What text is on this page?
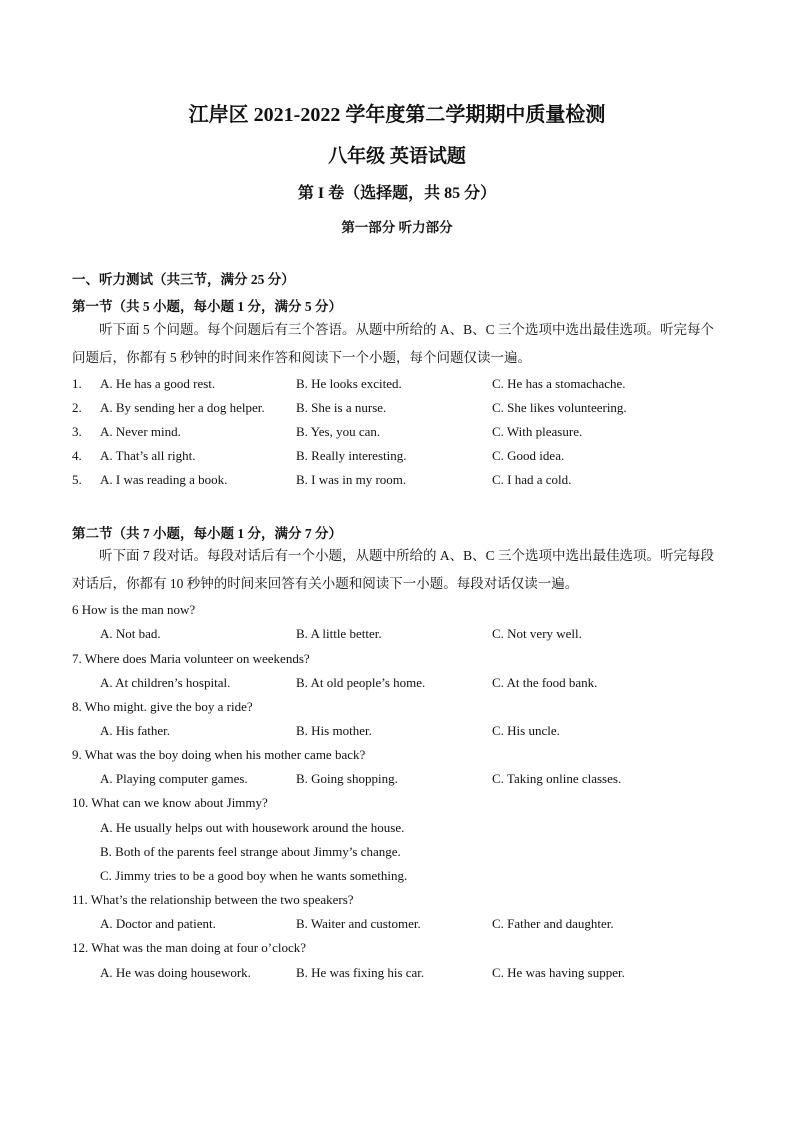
江岸区 2021-2022 学年度第二学期期中质量检测
八年级 英语试题
第 I 卷（选择题，共 85 分）
第一部分 听力部分
一、听力测试（共三节，满分 25 分）
第一节（共 5 小题，每小题 1 分，满分 5 分）
听下面 5 个问题。每个问题后有三个答语。从题中所给的 A、B、C 三个选项中选出最佳选项。听完每个问题后，你都有 5 秒钟的时间来作答和阅读下一个小题，每个问题仅读一遍。
1. A. He has a good rest.	B. He looks excited.	C. He has a stomachache.
2. A. By sending her a dog helper. B. She is a nurse.	C. She likes volunteering.
3. A. Never mind.	B. Yes, you can.	C. With pleasure.
4. A. That’s all right.	B. Really interesting.	C. Good idea.
5. A. I was reading a book.	B. I was in my room.	C. I had a cold.
第二节（共 7 小题，每小题 1 分，满分 7 分）
听下面 7 段对话。每段对话后有一个小题，从题中所给的 A、B、C 三个选项中选出最佳选项。听完每段对话后，你都有 10 秒钟的时间来回答有关小题和阅读下一小题。每段对话仅读一遍。
6 How is the man now?
A. Not bad.	B. A little better.	C. Not very well.
7. Where does Maria volunteer on weekends?
A. At children’s hospital.	B. At old people’s home.	C. At the food bank.
8. Who might. give the boy a ride?
A. His father.	B. His mother.	C. His uncle.
9. What was the boy doing when his mother came back?
A. Playing computer games.	B. Going shopping.	C. Taking online classes.
10. What can we know about Jimmy?
A. He usually helps out with housework around the house.
B. Both of the parents feel strange about Jimmy’s change.
C. Jimmy tries to be a good boy when he wants something.
11. What’s the relationship between the two speakers?
A. Doctor and patient.	B. Waiter and customer.	C. Father and daughter.
12. What was the man doing at four o’clock?
A. He was doing housework.	B. He was fixing his car.	C. He was having supper.
